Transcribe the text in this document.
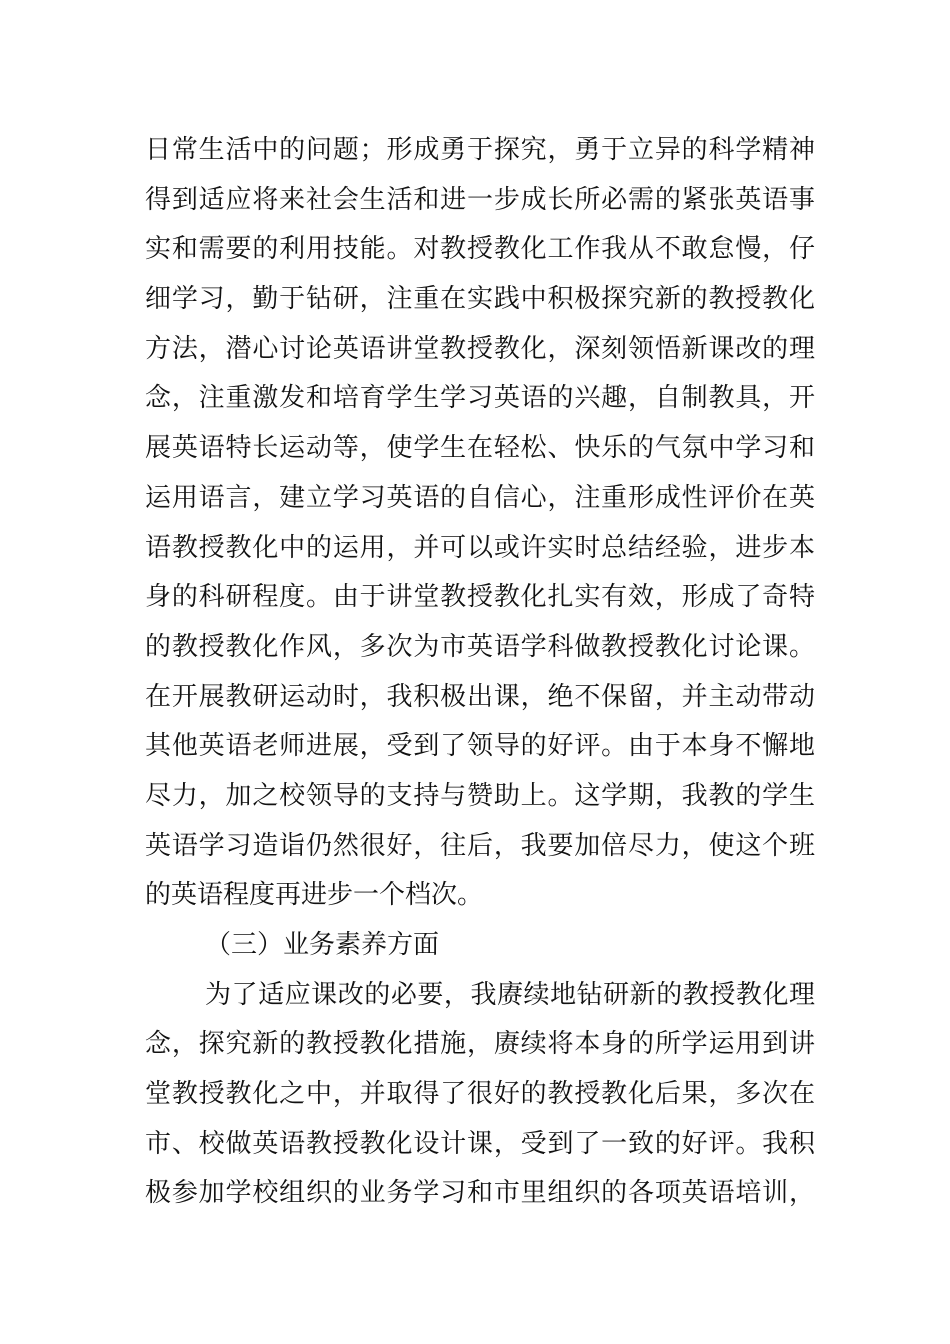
日常生活中的问题；形成勇于探究，勇于立异的科学精神
得到适应将来社会生活和进一步成长所必需的紧张英语事
实和需要的利用技能。对教授教化工作我从不敢怠慢，仔
细学习，勤于钻研，注重在实践中积极探究新的教授教化
方法，潜心讨论英语讲堂教授教化，深刻领悟新课改的理
念，注重激发和培育学生学习英语的兴趣，自制教具，开
展英语特长运动等，使学生在轻松、快乐的气氛中学习和
运用语言，建立学习英语的自信心，注重形成性评价在英
语教授教化中的运用，并可以或许实时总结经验，进步本
身的科研程度。由于讲堂教授教化扎实有效，形成了奇特
的教授教化作风，多次为市英语学科做教授教化讨论课。
在开展教研运动时，我积极出课，绝不保留，并主动带动
其他英语老师进展，受到了领导的好评。由于本身不懈地
尽力，加之校领导的支持与赞助上。这学期，我教的学生
英语学习造诣仍然很好，往后，我要加倍尽力，使这个班
的英语程度再进步一个档次。
（三）业务素养方面
为了适应课改的必要，我赓续地钻研新的教授教化理
念，探究新的教授教化措施，赓续将本身的所学运用到讲
堂教授教化之中，并取得了很好的教授教化后果，多次在
市、校做英语教授教化设计课，受到了一致的好评。我积
极参加学校组织的业务学习和市里组织的各项英语培训，
